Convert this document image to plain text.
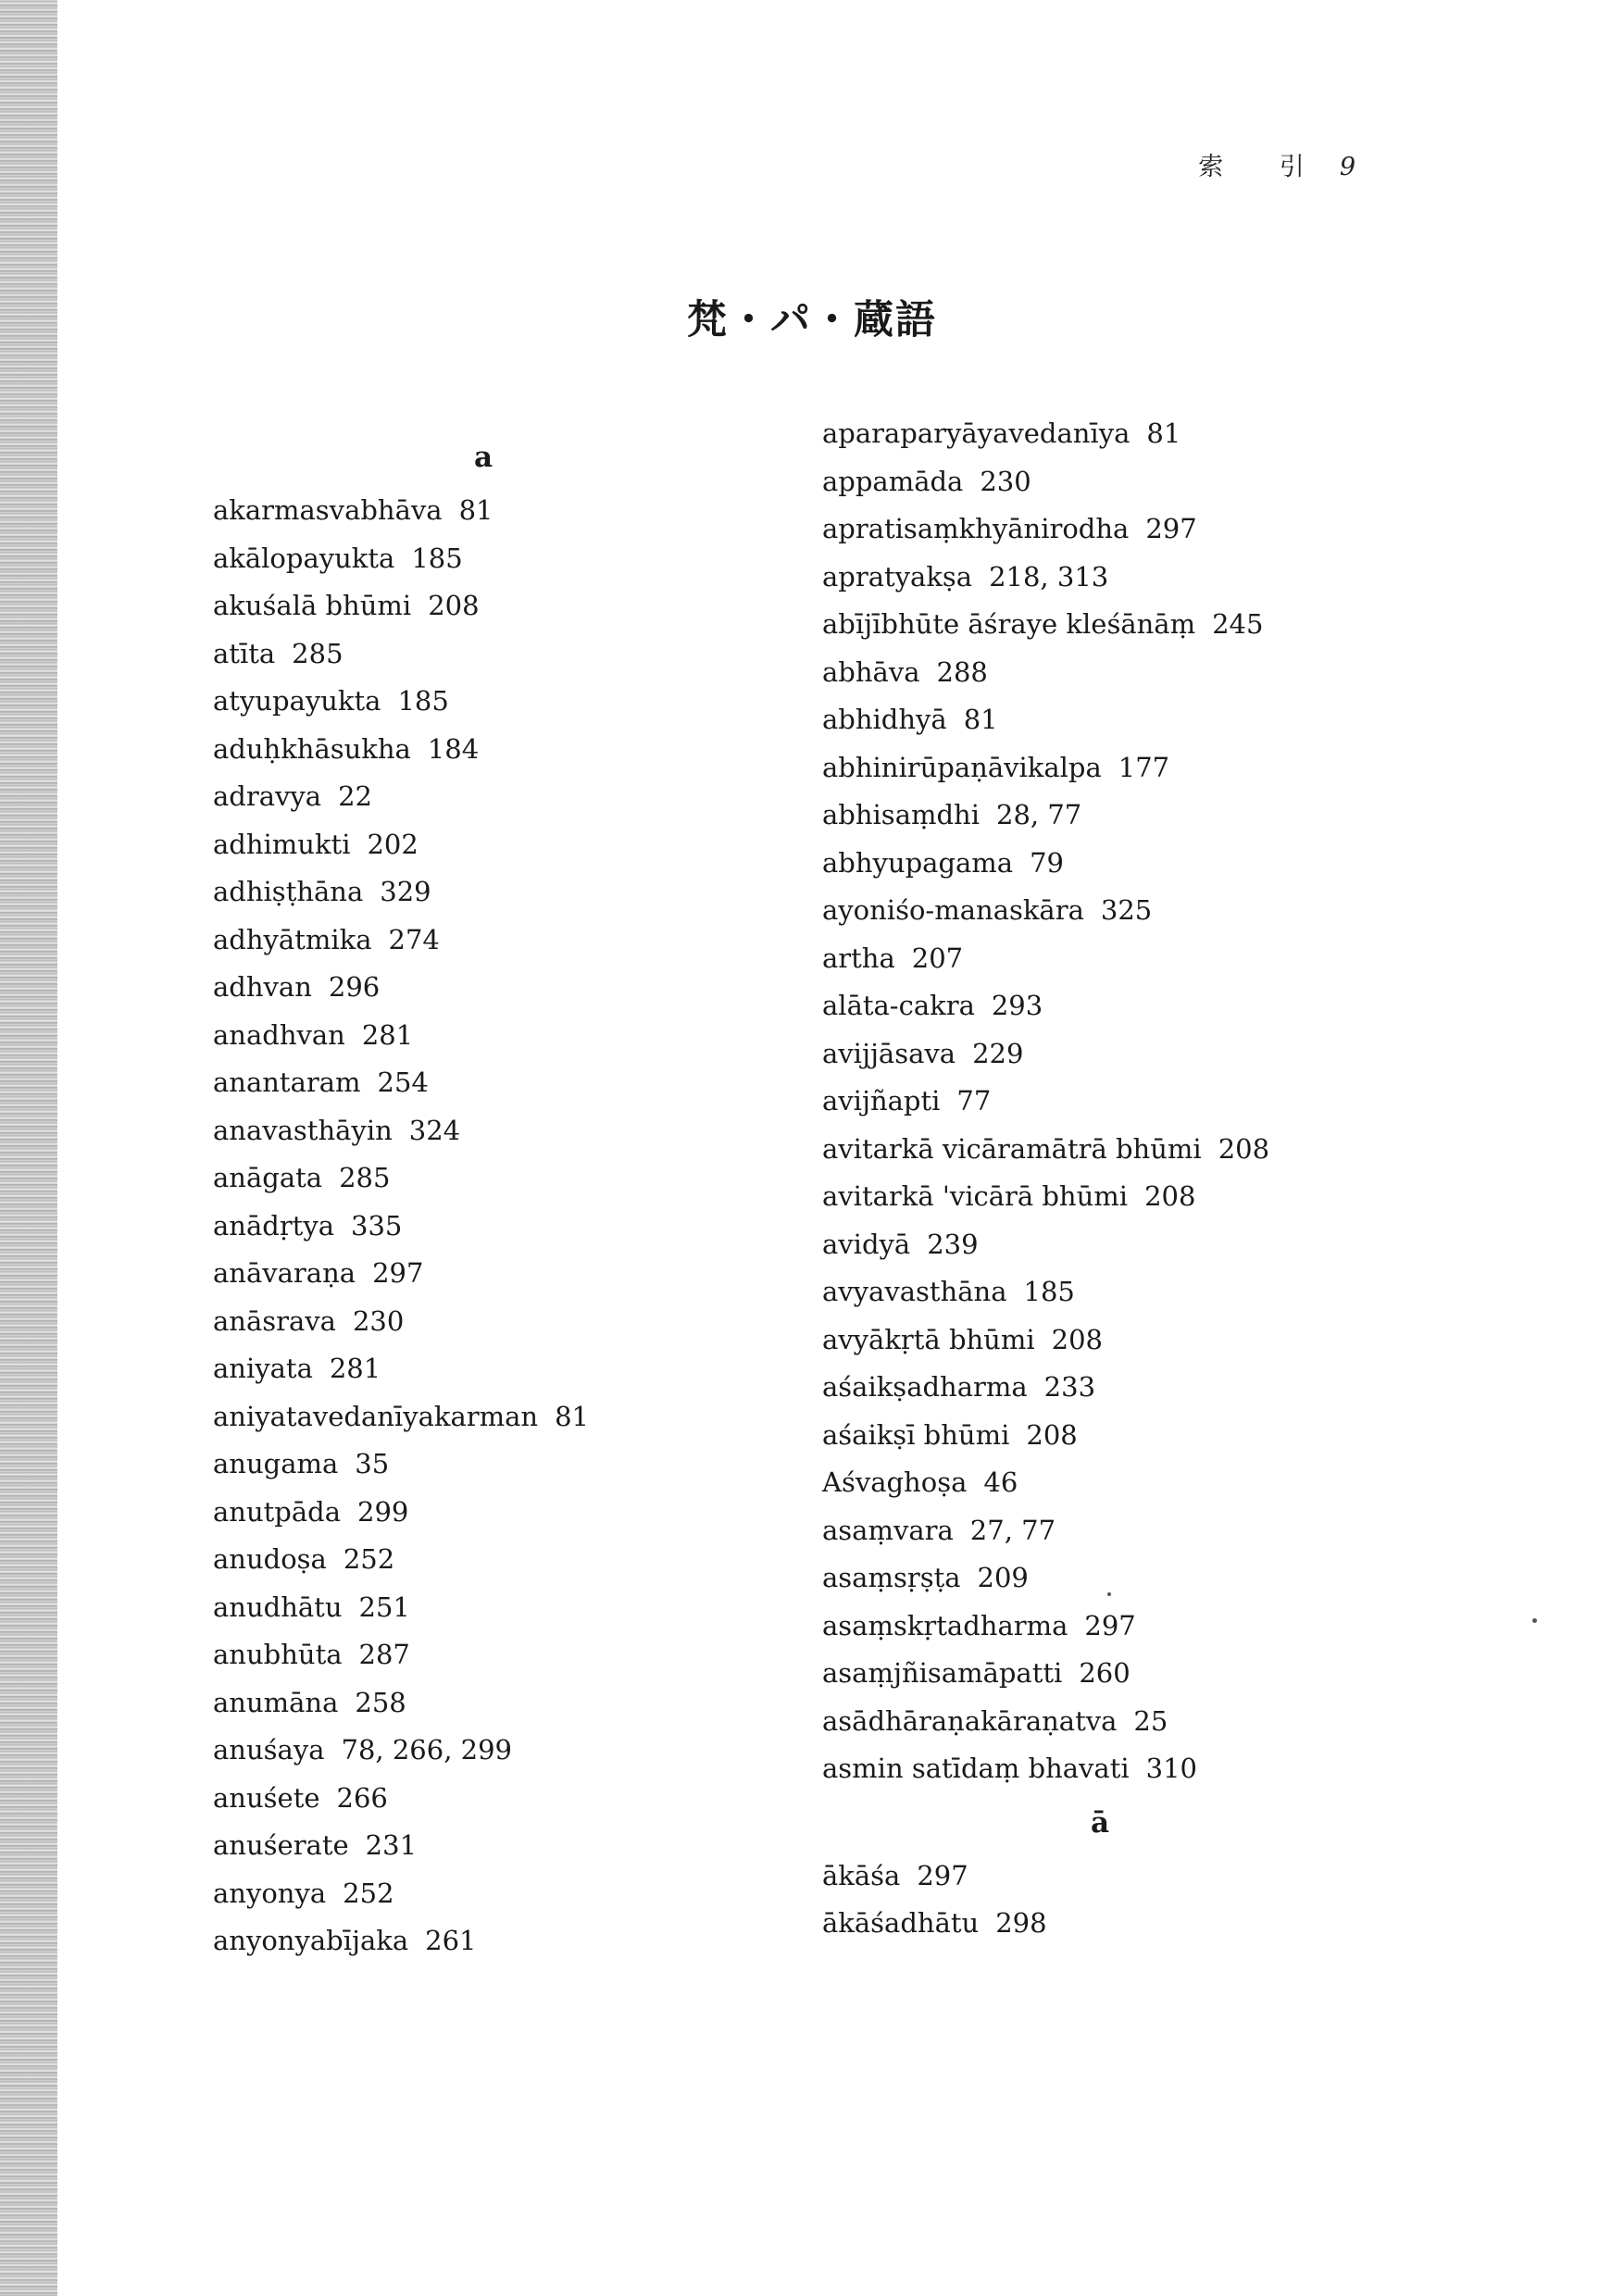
索 引 9
梵・パ・蔵語
a
akarmasvabhāva 81
akālopayukta 185
akuśalā bhūmi 208
atīta 285
atyupayukta 185
aduḥkhāsukha 184
adravya 22
adhimukti 202
adhiṣṭhāna 329
adhyātmika 274
adhvan 296
anadhvan 281
anantaram 254
anavasthāyin 324
anāgata 285
anādṛtya 335
anāvaraṇa 297
anāsrava 230
aniyata 281
aniyatavedanīyakarman 81
anugama 35
anutpāda 299
anudoṣa 252
anudhātu 251
anubhūta 287
anumāna 258
anuśaya 78, 266, 299
anuśete 266
anuśerate 231
anyonya 252
anyonyabījaka 261
aparaparyāyavedanīya 81
appamāda 230
apratisaṃkhyānirodha 297
apratyakṣa 218, 313
abījībhūte āśraye kleśānāṃ 245
abhāva 288
abhidhyā 81
abhinirūpaṇāvikalpa 177
abhisaṃdhi 28, 77
abhyupagama 79
ayoniśo-manaskāra 325
artha 207
alāta-cakra 293
avijjāsava 229
avijñapti 77
avitarkā vicāramātrā bhūmi 208
avitarkā 'vicārā bhūmi 208
avidyā 239
avyavasthāna 185
avyākṛtā bhūmi 208
aśaikṣadharma 233
aśaikṣī bhūmi 208
Aśvaghoṣa 46
asaṃvara 27, 77
asaṃsṛṣṭa 209
asaṃskṛtadharma 297
asaṃjñisamāpatti 260
asādhāraṇakāraṇatva 25
asmin satīdaṃ bhavati 310
ā
ākāśa 297
ākāśadhātu 298
